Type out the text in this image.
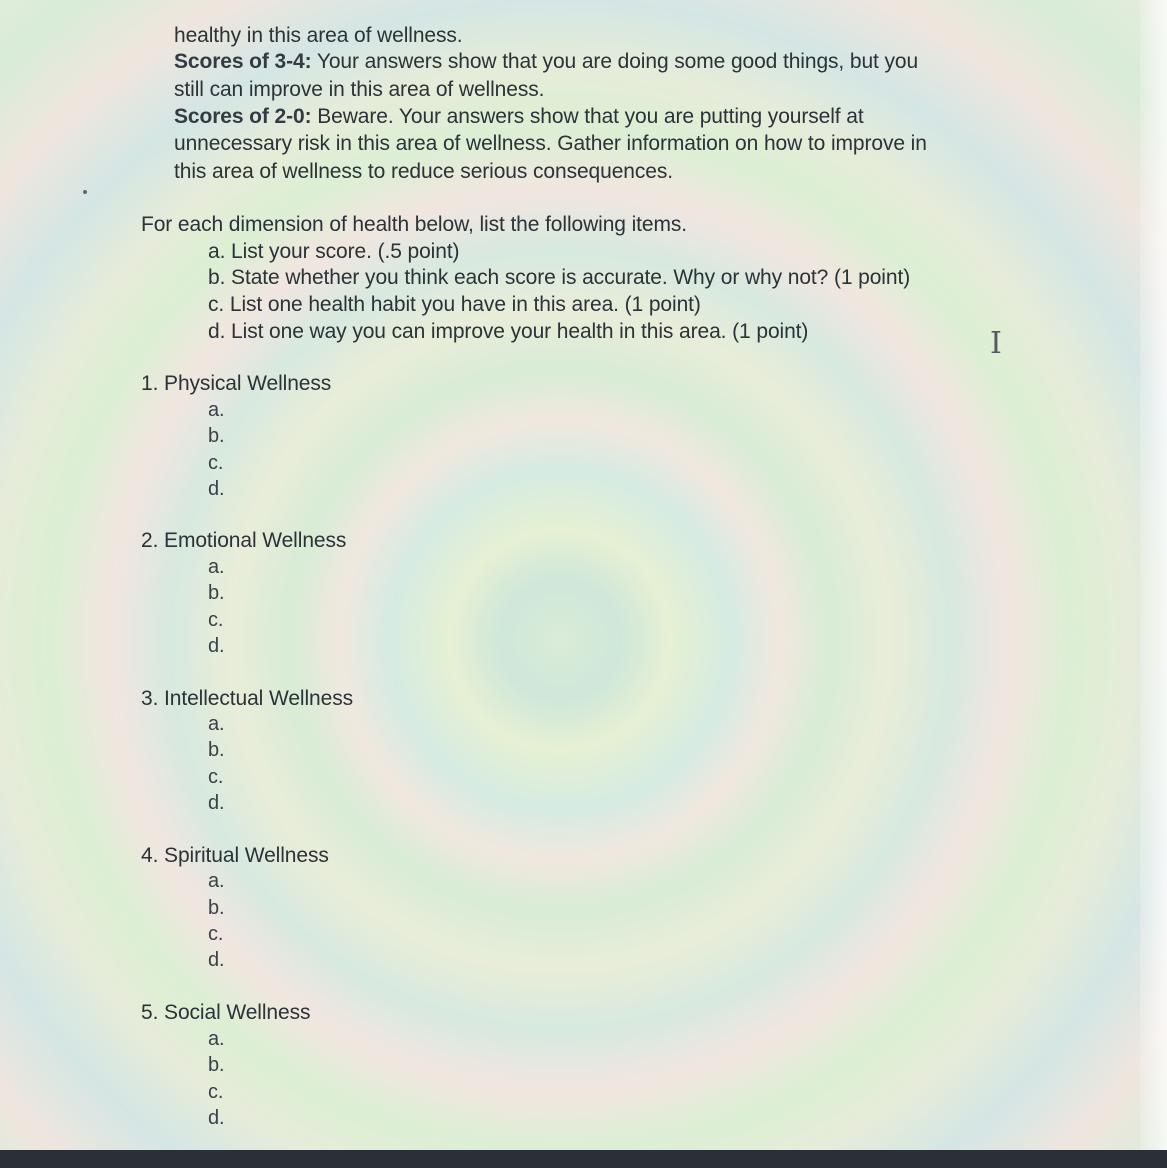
healthy in this area of wellness.
Scores of 3-4: Your answers show that you are doing some good things, but you
still can improve in this area of wellness.
Scores of 2-0: Beware. Your answers show that you are putting yourself at
unnecessary risk in this area of wellness. Gather information on how to improve in
this area of wellness to reduce serious consequences.
For each dimension of health below, list the following items.
a. List your score. (.5 point)
b. State whether you think each score is accurate. Why or why not? (1 point)
c. List one health habit you have in this area. (1 point)
d. List one way you can improve your health in this area. (1 point)
1. Physical Wellness
a.
b.
c.
d.
2. Emotional Wellness
a.
b.
c.
d.
3. Intellectual Wellness
a.
b.
c.
d.
4. Spiritual Wellness
a.
b.
c.
d.
5. Social Wellness
a.
b.
c.
d.
I
